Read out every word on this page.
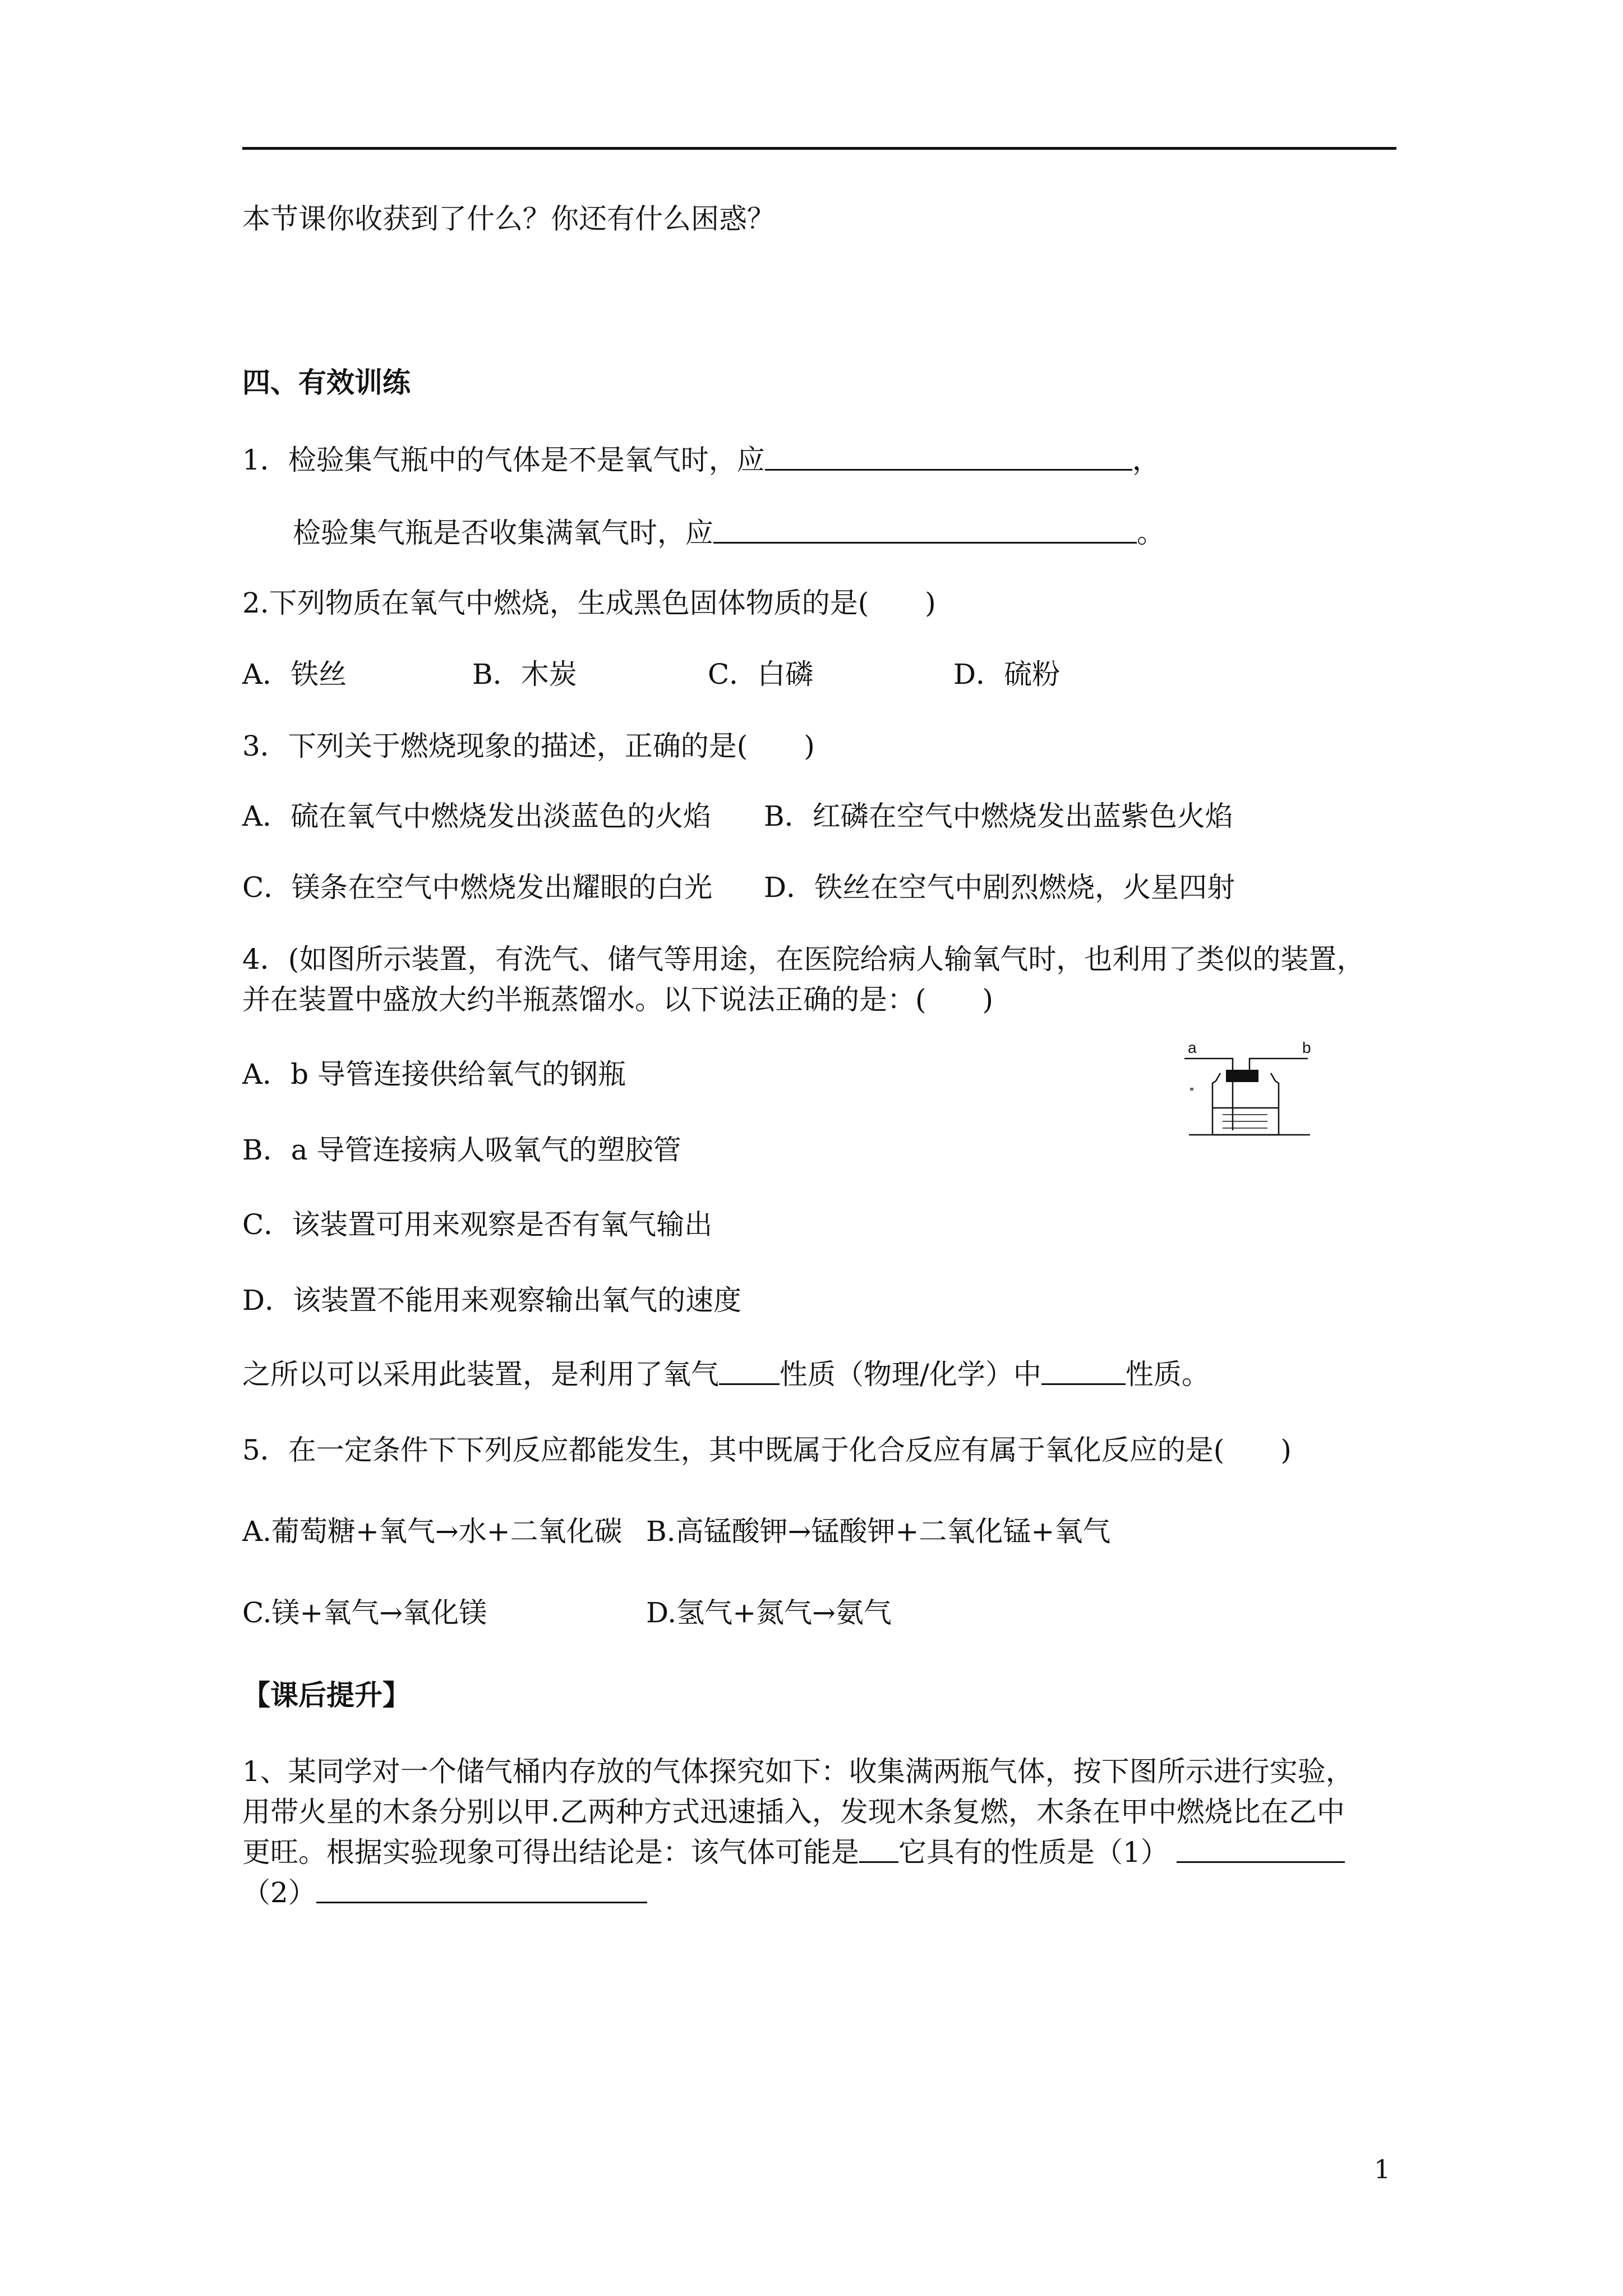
本节课你收获到了什么？你还有什么困惑？
四、有效训练
1．检验集气瓶中的气体是不是氧气时，应	，
检验集气瓶是否收集满氧气时，应	。
2.下列物质在氧气中燃烧，生成黑色固体物质的是(　　)
A．铁丝	B．木炭	C．白磷	D．硫粉
3．下列关于燃烧现象的描述，正确的是(　　)
A．硫在氧气中燃烧发出淡蓝色的火焰 B．红磷在空气中燃烧发出蓝紫色火焰
C．镁条在空气中燃烧发出耀眼的白光 D．铁丝在空气中剧烈燃烧，火星四射
4．(如图所示装置，有洗气、储气等用途，在医院给病人输氧气时，也利用了类似的装置，
并在装置中盛放大约半瓶蒸馏水。以下说法正确的是：(　　)
A．b 导管连接供给氧气的钢瓶
B．a 导管连接病人吸氧气的塑胶管
C．该装置可用来观察是否有氧气输出
D．该装置不能用来观察输出氧气的速度
a	b
之所以可以采用此装置，是利用了氧气 性质（物理/化学）中	性质。
5．在一定条件下下列反应都能发生，其中既属于化合反应有属于氧化反应的是(　　)
A.葡萄糖+氧气→水+二氧化碳 B.高锰酸钾→锰酸钾+二氧化锰+氧气
C.镁+氧气→氧化镁	D.氢气+氮气→氨气
【课后提升】
1、某同学对一个储气桶内存放的气体探究如下：收集满两瓶气体，按下图所示进行实验，
用带火星的木条分别以甲.乙两种方式迅速插入，发现木条复燃，木条在甲中燃烧比在乙中
更旺。根据实验现象可得出结论是：该气体可能是 它具有的性质是（1）
（2）
1
